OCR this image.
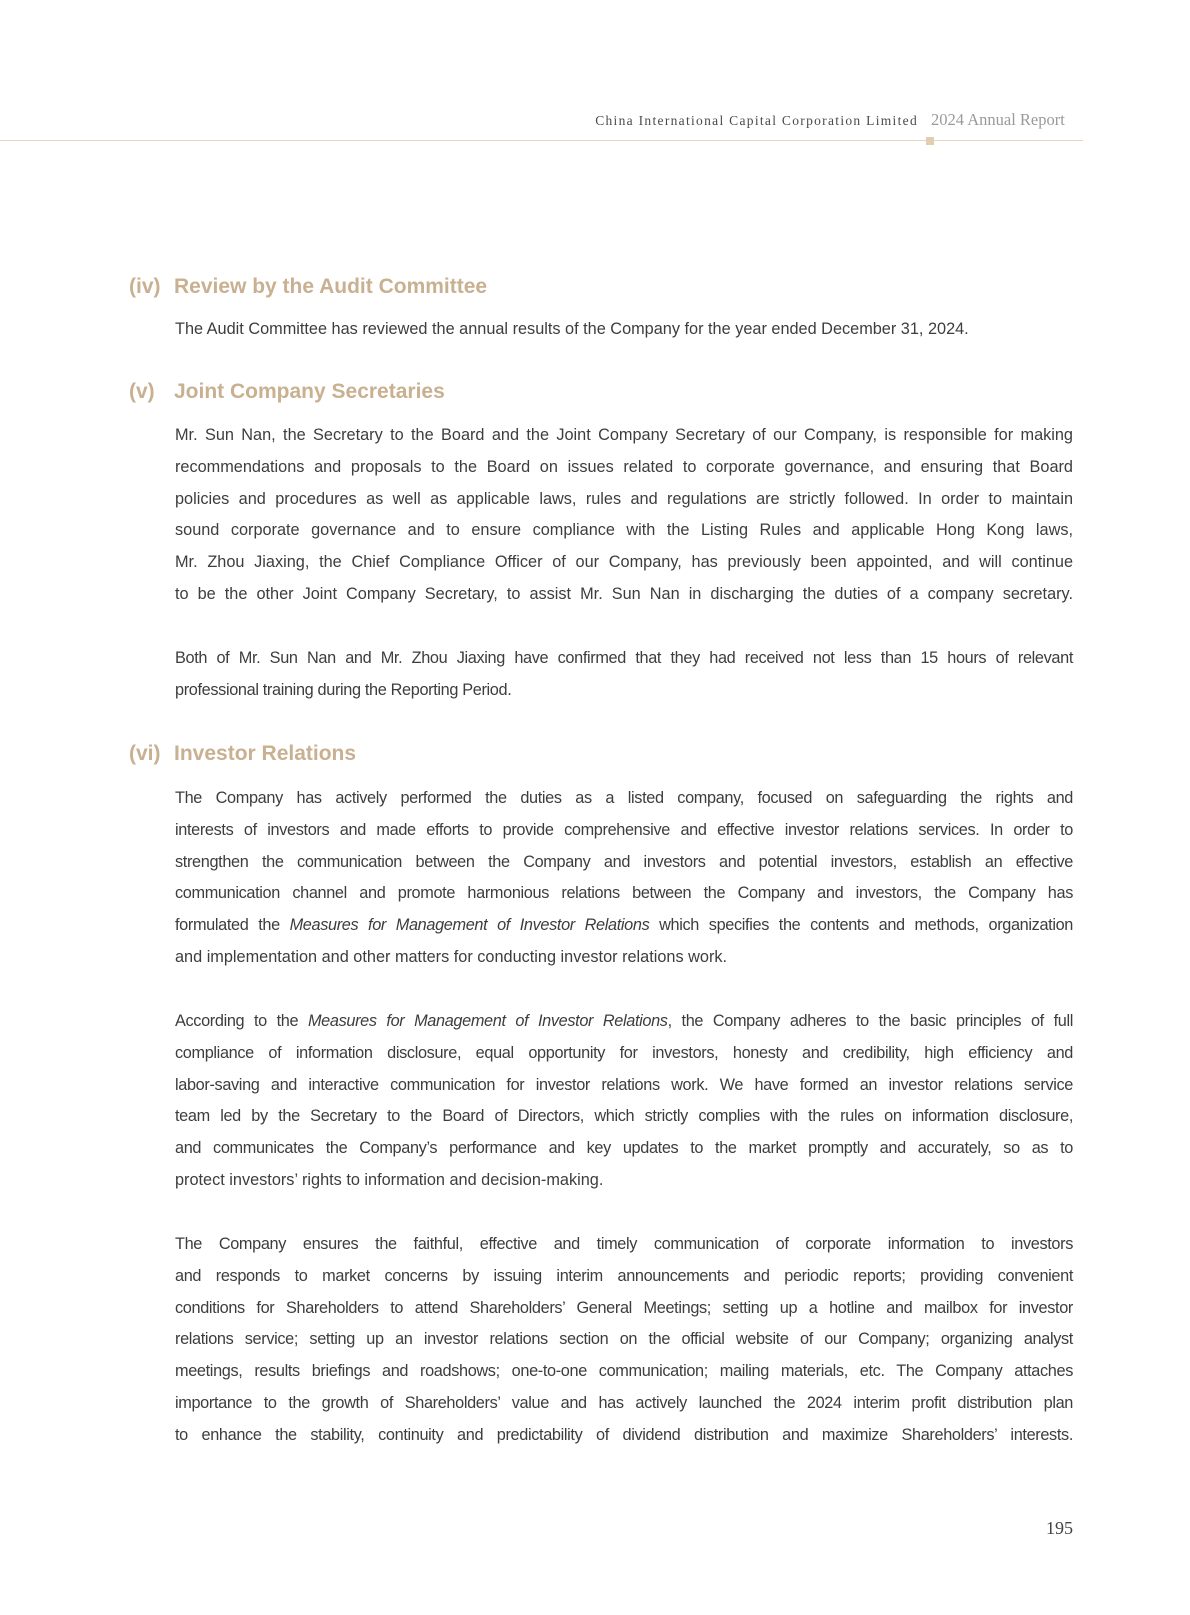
China International Capital Corporation Limited 2024 Annual Report
(iv) Review by the Audit Committee
The Audit Committee has reviewed the annual results of the Company for the year ended December 31, 2024.
(v) Joint Company Secretaries
Mr. Sun Nan, the Secretary to the Board and the Joint Company Secretary of our Company, is responsible for making
recommendations and proposals to the Board on issues related to corporate governance, and ensuring that Board
policies and procedures as well as applicable laws, rules and regulations are strictly followed. In order to maintain
sound corporate governance and to ensure compliance with the Listing Rules and applicable Hong Kong laws,
Mr. Zhou Jiaxing, the Chief Compliance Officer of our Company, has previously been appointed, and will continue
to be the other Joint Company Secretary, to assist Mr. Sun Nan in discharging the duties of a company secretary.
Both of Mr. Sun Nan and Mr. Zhou Jiaxing have confirmed that they had received not less than 15 hours of relevant
professional training during the Reporting Period.
(vi) Investor Relations
The Company has actively performed the duties as a listed company, focused on safeguarding the rights and
interests of investors and made efforts to provide comprehensive and effective investor relations services. In order to
strengthen the communication between the Company and investors and potential investors, establish an effective
communication channel and promote harmonious relations between the Company and investors, the Company has
formulated the Measures for Management of Investor Relations which specifies the contents and methods, organization
and implementation and other matters for conducting investor relations work.
According to the Measures for Management of Investor Relations, the Company adheres to the basic principles of full
compliance of information disclosure, equal opportunity for investors, honesty and credibility, high efficiency and
labor-saving and interactive communication for investor relations work. We have formed an investor relations service
team led by the Secretary to the Board of Directors, which strictly complies with the rules on information disclosure,
and communicates the Company’s performance and key updates to the market promptly and accurately, so as to
protect investors’ rights to information and decision-making.
The Company ensures the faithful, effective and timely communication of corporate information to investors
and responds to market concerns by issuing interim announcements and periodic reports; providing convenient
conditions for Shareholders to attend Shareholders’ General Meetings; setting up a hotline and mailbox for investor
relations service; setting up an investor relations section on the official website of our Company; organizing analyst
meetings, results briefings and roadshows; one-to-one communication; mailing materials, etc. The Company attaches
importance to the growth of Shareholders’ value and has actively launched the 2024 interim profit distribution plan
to enhance the stability, continuity and predictability of dividend distribution and maximize Shareholders’ interests.
195
